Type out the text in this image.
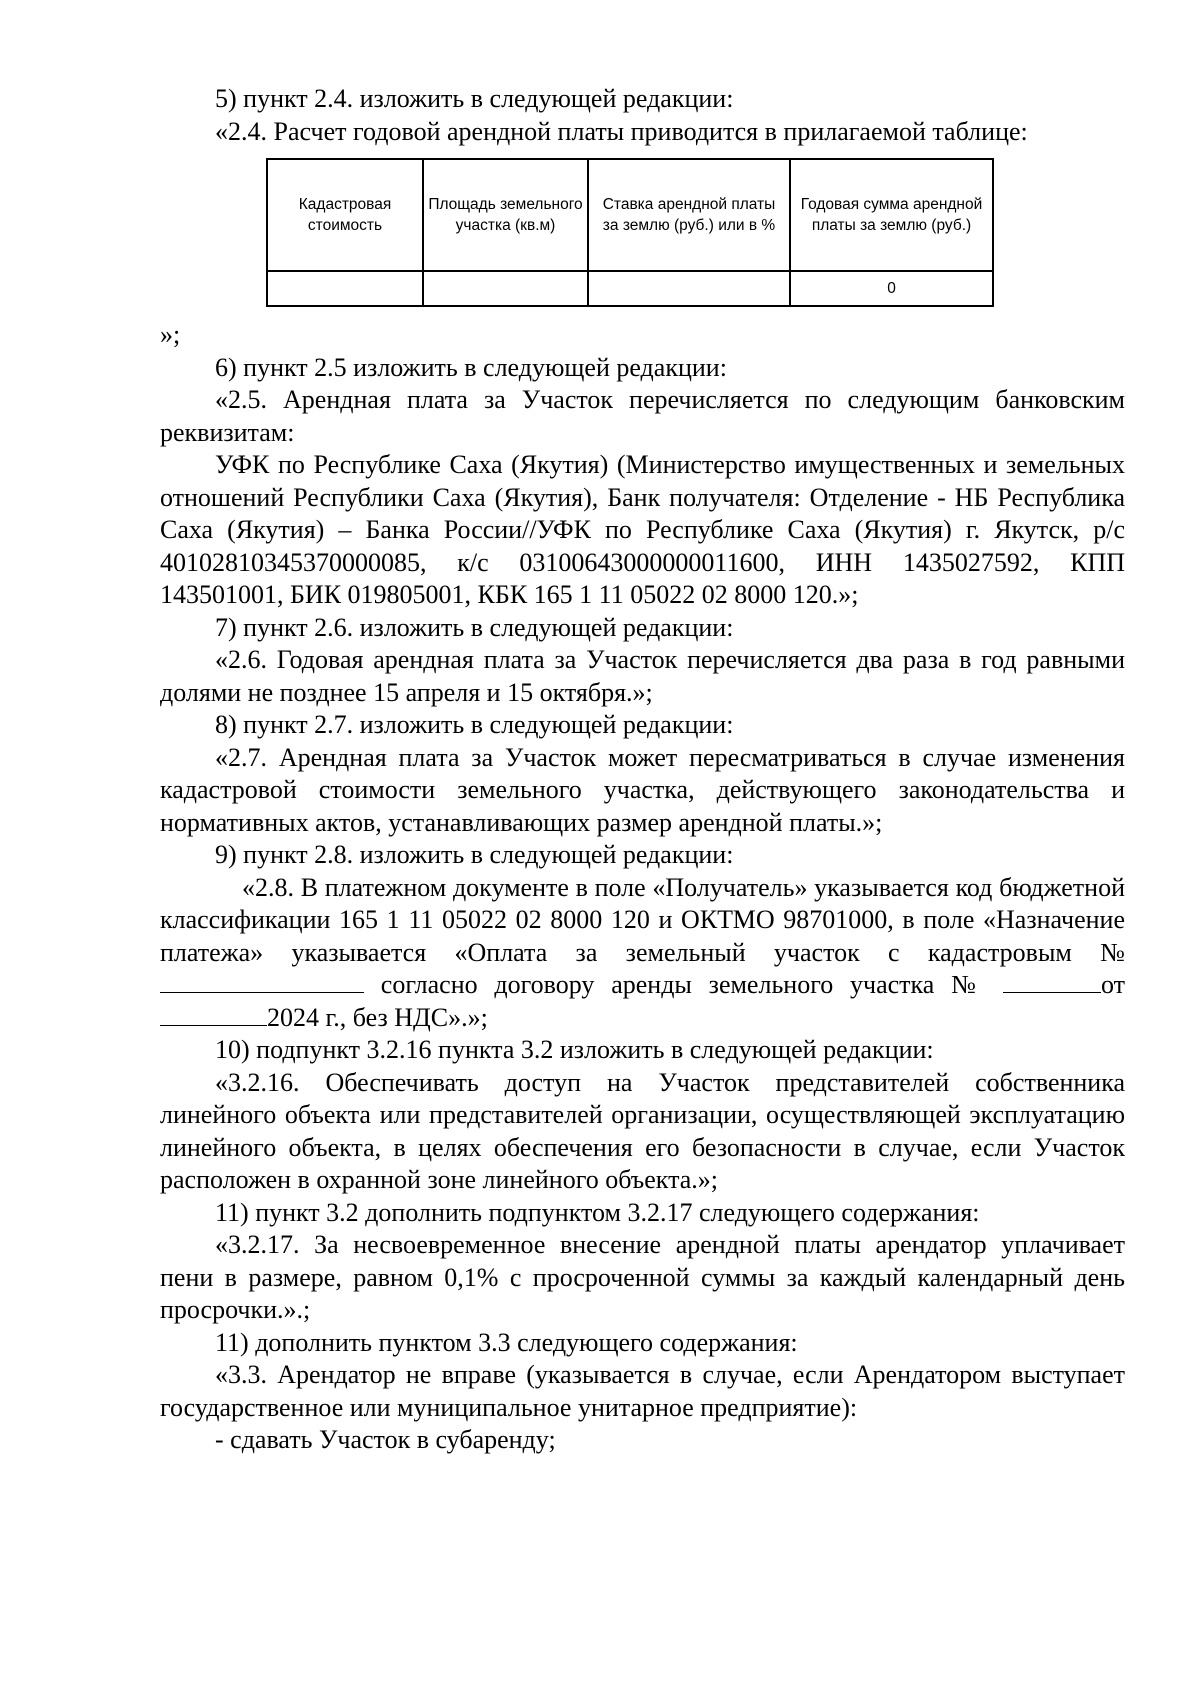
5) пункт 2.4. изложить в следующей редакции:

«2.4. Расчет годовой арендной платы приводится в прилагаемой таблице:

Кадастровая стоимость	Площадь земельного участка (кв.м)	Ставка арендной платы за землю (руб.) или в %	Годовая сумма арендной платы за землю (руб.)
			0

»;

6) пункт 2.5 изложить в следующей редакции:

«2.5. Арендная плата за Участок перечисляется по следующим банковским реквизитам:

УФК по Республике Саха (Якутия) (Министерство имущественных и земельных отношений Республики Саха (Якутия), Банк получателя: Отделение - НБ Республика Саха (Якутия) – Банка России//УФК по Республике Саха (Якутия) г. Якутск, р/с 40102810345370000085, к/с 03100643000000011600, ИНН 1435027592, КПП 143501001, БИК 019805001, КБК 165 1 11 05022 02 8000 120.»;

7) пункт 2.6. изложить в следующей редакции:

«2.6. Годовая арендная плата за Участок перечисляется два раза в год равными долями не позднее 15 апреля и 15 октября.»;

8) пункт 2.7. изложить в следующей редакции:

«2.7. Арендная плата за Участок может пересматриваться в случае изменения кадастровой стоимости земельного участка, действующего законодательства и нормативных актов, устанавливающих размер арендной платы.»;

9) пункт 2.8. изложить в следующей редакции:

«2.8. В платежном документе в поле «Получатель» указывается код бюджетной классификации 165 1 11 05022 02 8000 120 и ОКТМО 98701000, в поле «Назначение платежа» указывается «Оплата за земельный участок с кадастровым №  согласно договору аренды земельного участка №	от2024 г., без НДС».»;

10) подпункт 3.2.16 пункта 3.2 изложить в следующей редакции:

«3.2.16. Обеспечивать доступ на Участок представителей собственника линейного объекта или представителей организации, осуществляющей эксплуатацию линейного объекта, в целях обеспечения его безопасности в случае, если Участок расположен в охранной зоне линейного объекта.»;

11) пункт 3.2 дополнить подпунктом 3.2.17 следующего содержания:

«3.2.17. За несвоевременное внесение арендной платы арендатор уплачивает пени в размере, равном 0,1% с просроченной суммы за каждый календарный день просрочки.».;

11) дополнить пунктом 3.3 следующего содержания:

«3.3. Арендатор не вправе (указывается в случае, если Арендатором выступает государственное или муниципальное унитарное предприятие):

- сдавать Участок в субаренду;
